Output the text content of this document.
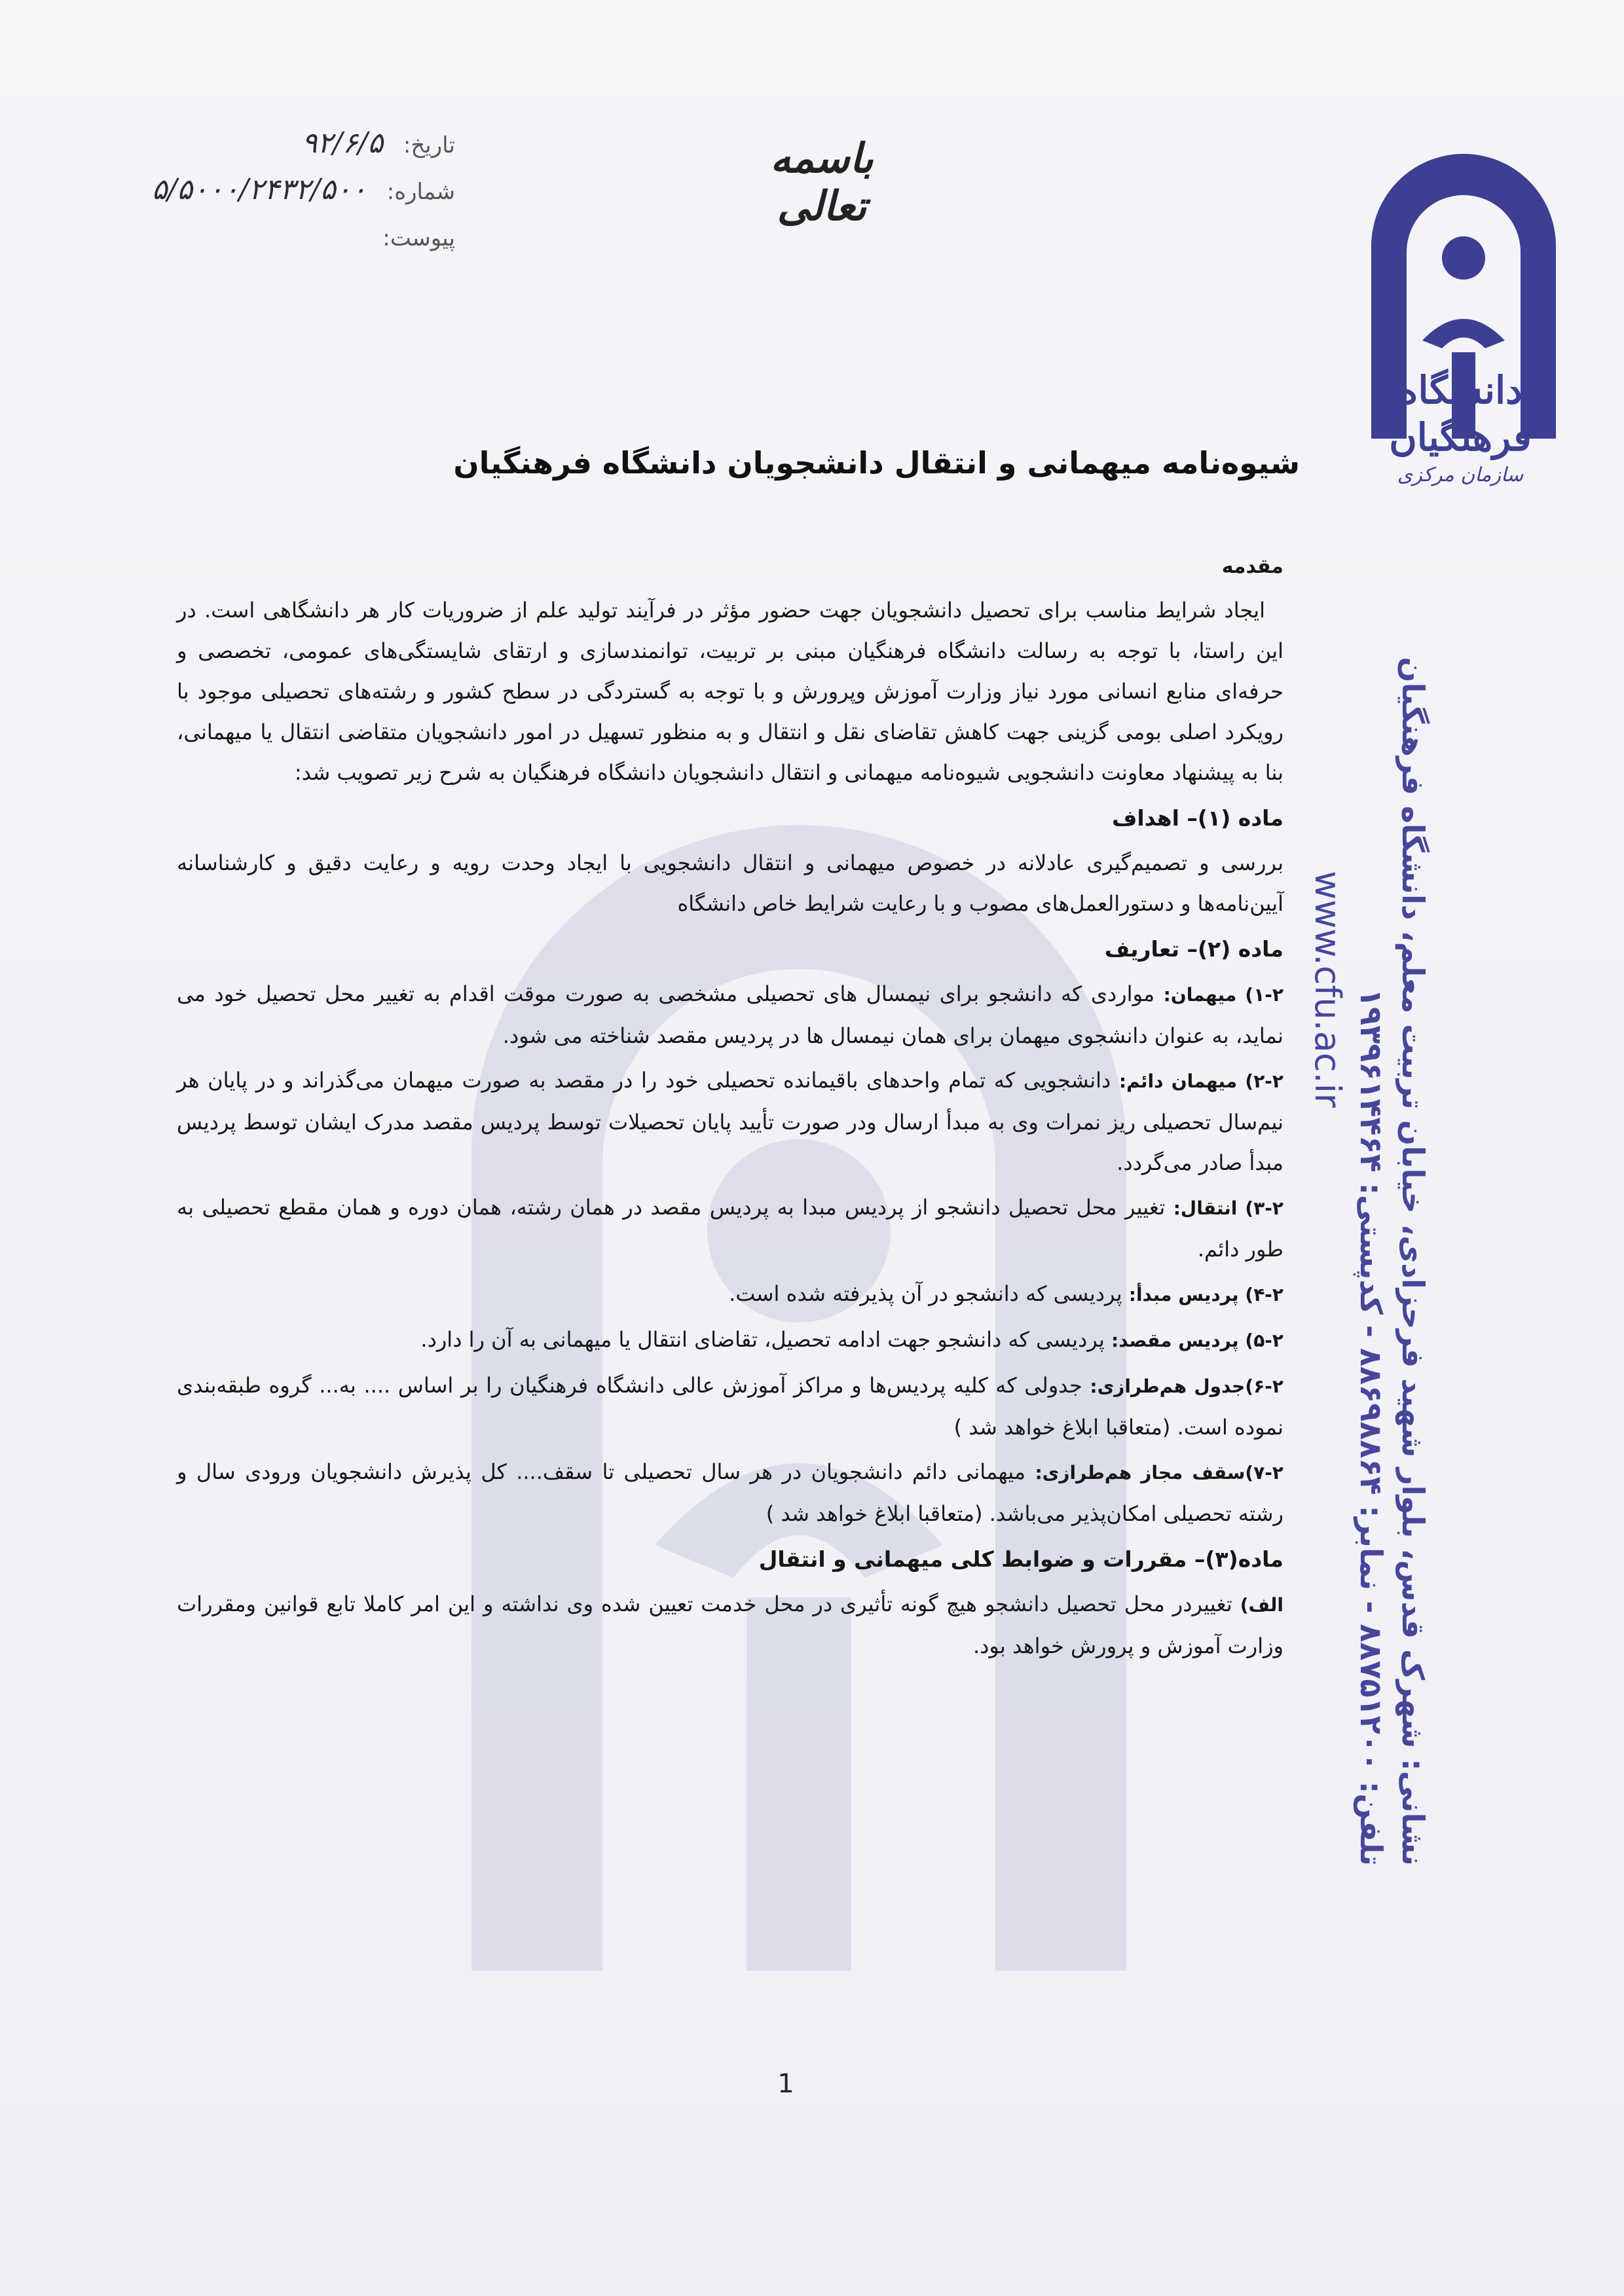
تاریخ: ۹۲/۶/۵
شماره: ۵/۵۰۰۰/۲۴۳۲/۵۰۰
پیوست:
باسمه تعالی
دانشگاه فرهنگیان
سازمان مرکزی
نشانی: شهرک قدس، بلوار شهید فرحزادی، خیابان تربیت معلم، دانشگاه فرهنگیان
تلفن: ۸۸۷۵۱۲۰۰ - نمابر: ۸۸۶۹۸۸۶۴ - کدپستی: ۱۹۳۹۶۱۴۴۶۴
www.cfu.ac.ir
شیوه‌نامه میهمانی و انتقال دانشجویان دانشگاه فرهنگیان
مقدمه

ایجاد شرایط مناسب برای تحصیل دانشجویان جهت حضور مؤثر در فرآیند تولید علم از ضروریات کار هر دانشگاهی است. در این راستا، با توجه به رسالت دانشگاه فرهنگیان مبنی بر تربیت، توانمندسازی و ارتقای شایستگی‌های عمومی، تخصصی و حرفه‌ای منابع انسانی مورد نیاز وزارت آموزش وپرورش و با توجه به گستردگی در سطح کشور و رشته‌های تحصیلی موجود با رویکرد اصلی بومی گزینی جهت کاهش تقاضای نقل و انتقال و به منظور تسهیل در امور دانشجویان متقاضی انتقال یا میهمانی، بنا به پیشنهاد معاونت دانشجویی شیوه‌نامه میهمانی و انتقال دانشجویان دانشگاه فرهنگیان به شرح زیر تصویب شد:

ماده (۱)– اهداف

بررسی و تصمیم‌گیری عادلانه در خصوص میهمانی و انتقال دانشجویی با ایجاد وحدت رویه و رعایت دقیق و کارشناسانه آیین‌نامه‌ها و دستورالعمل‌های مصوب و با رعایت شرایط خاص دانشگاه

ماده (۲)– تعاریف

۱-۲) میهمان: مواردی که دانشجو برای نیمسال های تحصیلی مشخصی به صورت موقت اقدام به تغییر محل تحصیل خود می نماید، به عنوان دانشجوی میهمان برای همان نیمسال ها در پردیس مقصد شناخته می شود.

۲-۲) میهمان دائم: دانشجویی که تمام واحدهای باقیمانده تحصیلی خود را در مقصد به صورت میهمان می‌گذراند و در پایان هر نیم‌سال تحصیلی ریز نمرات وی به مبدأ ارسال ودر صورت تأیید پایان تحصیلات توسط پردیس مقصد مدرک ایشان توسط پردیس مبدأ صادر می‌گردد.

۳-۲) انتقال: تغییر محل تحصیل دانشجو از پردیس مبدا به پردیس مقصد در همان رشته، همان دوره و همان مقطع تحصیلی به طور دائم.

۴-۲) پردیس مبدأ: پردیسی که دانشجو در آن پذیرفته شده است.

۵-۲) پردیس مقصد: پردیسی که دانشجو جهت ادامه تحصیل، تقاضای انتقال یا میهمانی به آن را دارد.

۶-۲)جدول هم‌طرازی: جدولی که کلیه پردیس‌ها و مراکز آموزش عالی دانشگاه فرهنگیان را بر اساس .... به... گروه طبقه‌بندی نموده است. (متعاقبا ابلاغ خواهد شد )

۷-۲)سقف مجاز هم‌طرازی: میهمانی دائم دانشجویان در هر سال تحصیلی تا سقف.... کل پذیرش دانشجویان ورودی سال و رشته تحصیلی امکان‌پذیر می‌باشد. (متعاقبا ابلاغ خواهد شد )

ماده(۳)– مقررات و ضوابط کلی میهمانی و انتقال

الف) تغییردر محل تحصیل دانشجو هیچ گونه تأثیری در محل خدمت تعیین شده وی نداشته و این امر کاملا تابع قوانین ومقررات وزارت آموزش و پرورش خواهد بود.

1
